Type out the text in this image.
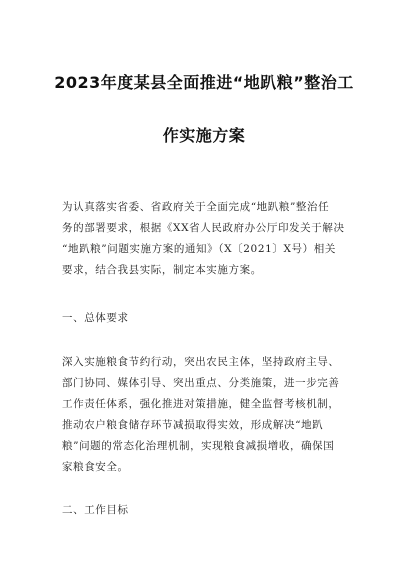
2023年度某县全面推进“地趴粮”整治工
作实施方案
为认真落实省委、省政府关于全面完成“地趴粮”整治任
务的部署要求，根据《XX省人民政府办公厅印发关于解决
“地趴粮”问题实施方案的通知》（X〔2021〕X号）相关
要求，结合我县实际，制定本实施方案。
一、总体要求
深入实施粮食节约行动，突出农民主体，坚持政府主导、
部门协同、媒体引导、突出重点、分类施策，进一步完善
工作责任体系，强化推进对策措施，健全监督考核机制，
推动农户粮食储存环节减损取得实效，形成解决“地趴
粮”问题的常态化治理机制，实现粮食减损增收，确保国
家粮食安全。
二、工作目标
